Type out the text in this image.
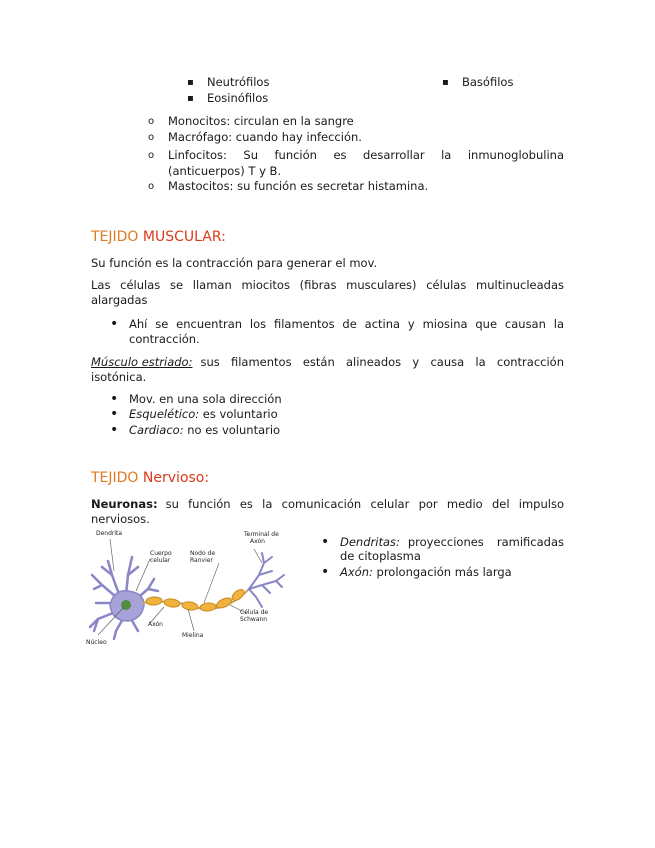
▪ Neutrófilos
▪	Basófilos
▪ Eosinófilos
o Monocitos: circulan en la sangre
o Macrófago: cuando hay infección.
o Linfocitos: Su función es desarrollar la inmunoglobulina
(anticuerpos) T y B.
o Mastocitos: su función es secretar histamina.
TEJIDO MUSCULAR:
Su función es la contracción para generar el mov.
Las células se llaman miocitos (fibras musculares) células multinucleadas
alargadas
• Ahí se encuentran los filamentos de actina y miosina que causan la
contracción.
Músculo estriado: sus filamentos están alineados y causa la contracción
isotónica.
• Mov. en una sola dirección
• Esquelético: es voluntario
• Cardiaco: no es voluntario
TEJIDO Nervioso:
Neuronas: su función es la comunicación celular por medio del impulso
nerviosos.
• Dendritas: proyecciones ramificadas
de citoplasma
• Axón: prolongación más larga
Dendrita
Cuerpo
celular
Nodo de
Ranvier
Terminal de
Axón
Axón
Célula de
Schwann
Mielina
Núcleo
